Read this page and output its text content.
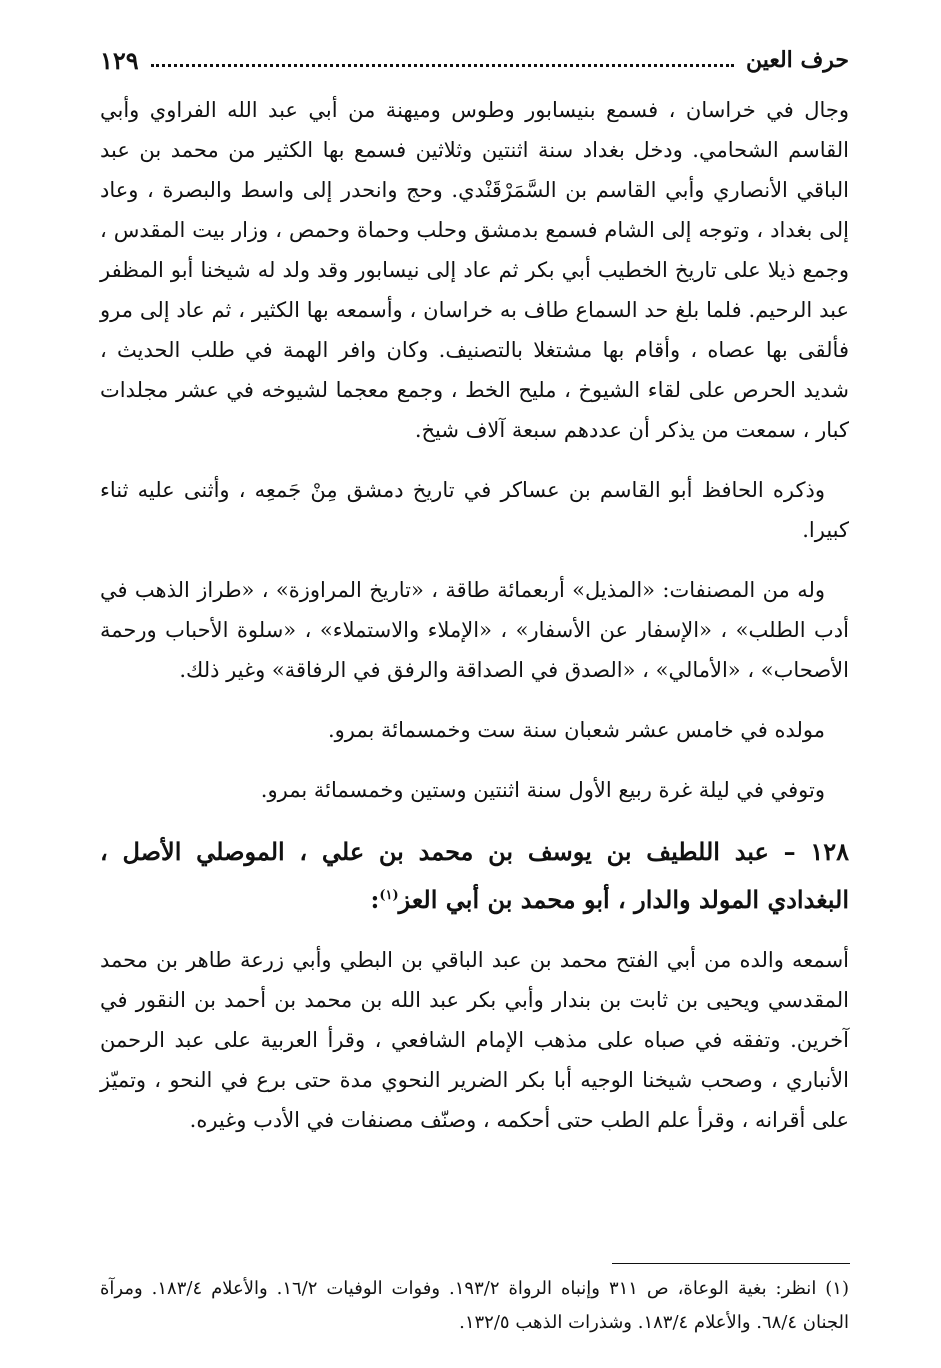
حرف العين
١٢٩

وجال في خراسان ، فسمع بنيسابور وطوس وميهنة من أبي عبد الله الفراوي وأبي القاسم الشحامي. ودخل بغداد سنة اثنتين وثلاثين فسمع بها الكثير من محمد بن عبد الباقي الأنصاري وأبي القاسم بن السَّمَرْقَنْدي. وحج وانحدر إلى واسط والبصرة ، وعاد إلى بغداد ، وتوجه إلى الشام فسمع بدمشق وحلب وحماة وحمص ، وزار بيت المقدس ، وجمع ذيلا على تاريخ الخطيب أبي بكر ثم عاد إلى نيسابور وقد ولد له شيخنا أبو المظفر عبد الرحيم. فلما بلغ حد السماع طاف به خراسان ، وأسمعه بها الكثير ، ثم عاد إلى مرو فألقى بها عصاه ، وأقام بها مشتغلا بالتصنيف. وكان وافر الهمة في طلب الحديث ، شديد الحرص على لقاء الشيوخ ، مليح الخط ، وجمع معجما لشيوخه في عشر مجلدات كبار ، سمعت من يذكر أن عددهم سبعة آلاف شيخ.

وذكره الحافظ أبو القاسم بن عساكر في تاريخ دمشق مِنْ جَمعِه ، وأثنى عليه ثناء كبيرا.

وله من المصنفات: «المذيل» أربعمائة طاقة ، «تاريخ المراوزة» ، «طراز الذهب في أدب الطلب» ، «الإسفار عن الأسفار» ، «الإملاء والاستملاء» ، «سلوة الأحباب ورحمة الأصحاب» ، «الأمالي» ، «الصدق في الصداقة والرفق في الرفاقة» وغير ذلك.

مولده في خامس عشر شعبان سنة ست وخمسمائة بمرو.

وتوفي في ليلة غرة ربيع الأول سنة اثنتين وستين وخمسمائة بمرو.

١٢٨ – عبد اللطيف بن يوسف بن محمد بن علي ، الموصلي الأصل ، البغدادي المولد والدار ، أبو محمد بن أبي العز$^{(١)}$:

أسمعه والده من أبي الفتح محمد بن عبد الباقي بن البطي وأبي زرعة طاهر بن محمد المقدسي ويحيى بن ثابت بن بندار وأبي بكر عبد الله بن محمد بن أحمد بن النقور في آخرين. وتفقه في صباه على مذهب الإمام الشافعي ، وقرأ العربية على عبد الرحمن الأنباري ، وصحب شيخنا الوجيه أبا بكر الضرير النحوي مدة حتى برع في النحو ، وتميّز على أقرانه ، وقرأ علم الطب حتى أحكمه ، وصنّف مصنفات في الأدب وغيره.

(١) انظر: بغية الوعاة، ص ٣١١ وإنباه الرواة ١٩٣/٢. وفوات الوفيات ١٦/٢. والأعلام ١٨٣/٤. ومرآة الجنان ٦٨/٤. والأعلام ١٨٣/٤. وشذرات الذهب ١٣٢/٥.
